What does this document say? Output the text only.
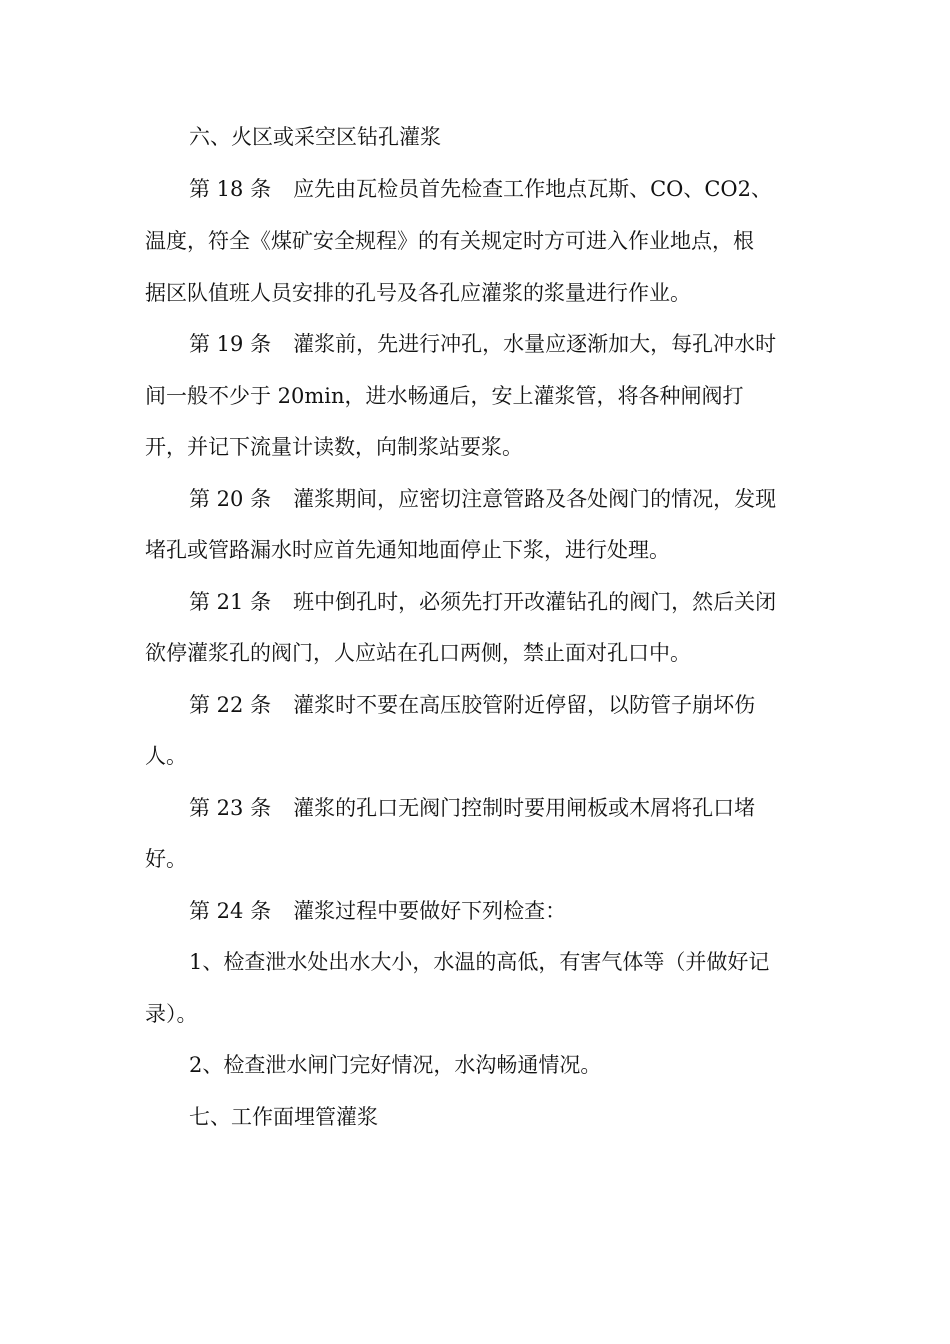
六、火区或采空区钻孔灌浆
第 18 条 应先由瓦检员首先检查工作地点瓦斯、CO、CO2、
温度，符全《煤矿安全规程》的有关规定时方可进入作业地点，根
据区队值班人员安排的孔号及各孔应灌浆的浆量进行作业。
第 19 条 灌浆前，先进行冲孔，水量应逐渐加大，每孔冲水时
间一般不少于 20min，进水畅通后，安上灌浆管，将各种闸阀打
开，并记下流量计读数，向制浆站要浆。
第 20 条 灌浆期间，应密切注意管路及各处阀门的情况，发现
堵孔或管路漏水时应首先通知地面停止下浆，进行处理。
第 21 条 班中倒孔时，必须先打开改灌钻孔的阀门，然后关闭
欲停灌浆孔的阀门，人应站在孔口两侧，禁止面对孔口中。
第 22 条 灌浆时不要在高压胶管附近停留，以防管子崩坏伤
人。
第 23 条 灌浆的孔口无阀门控制时要用闸板或木屑将孔口堵
好。
第 24 条 灌浆过程中要做好下列检查：
1、检查泄水处出水大小，水温的高低，有害气体等（并做好记
录）。
2、检查泄水闸门完好情况，水沟畅通情况。
七、工作面埋管灌浆
